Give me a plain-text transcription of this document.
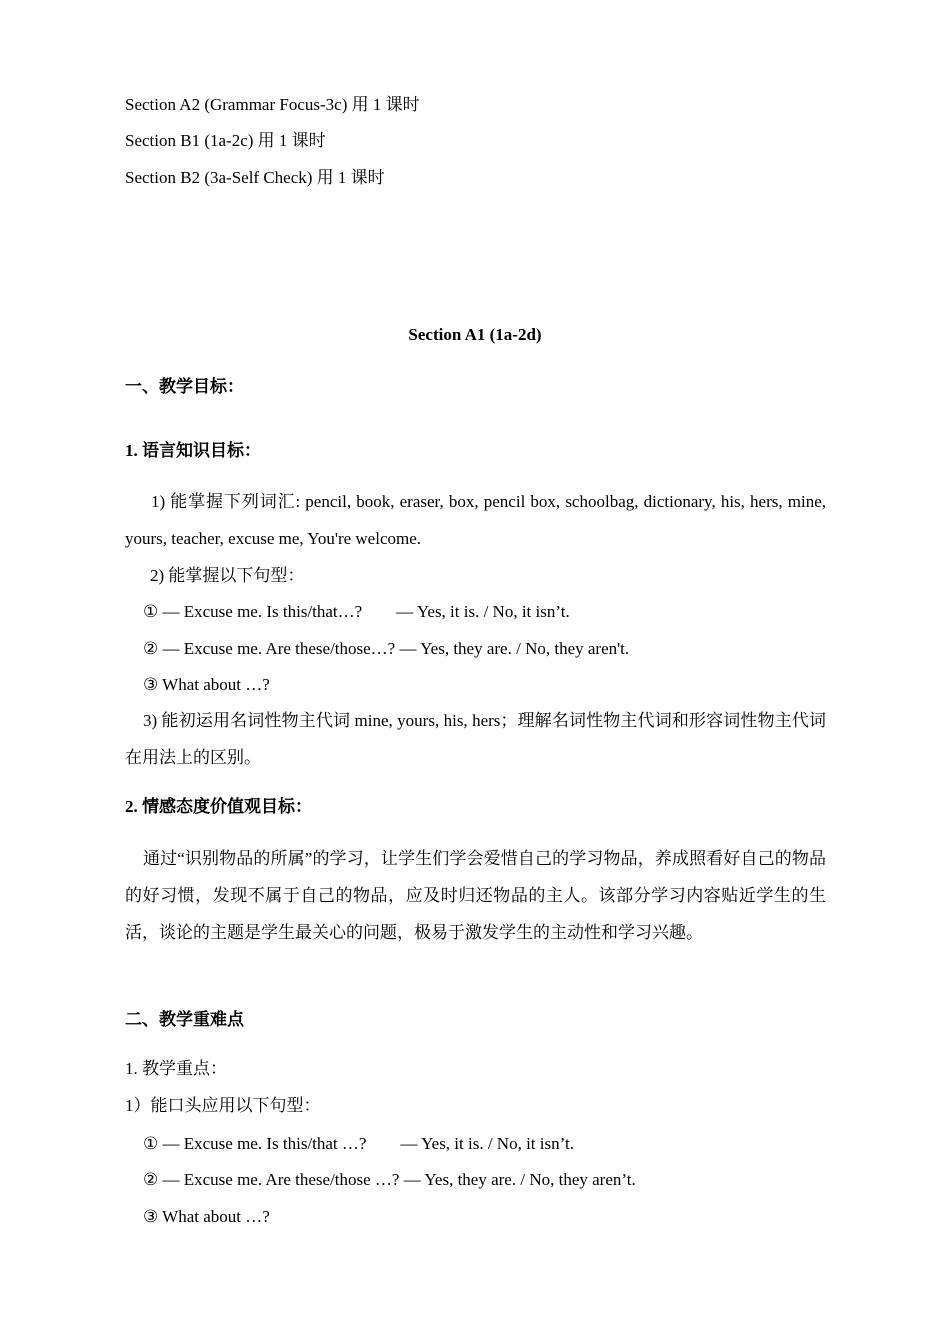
Section A2 (Grammar Focus-3c) 用 1 课时
Section B1 (1a-2c) 用 1 课时
Section B2 (3a-Self Check) 用 1 课时
Section A1 (1a-2d)
一、教学目标：
1. 语言知识目标：
1) 能掌握下列词汇: pencil, book, eraser, box, pencil box, schoolbag, dictionary, his, hers, mine, yours, teacher, excuse me, You're welcome.
2) 能掌握以下句型：
① — Excuse me. Is this/that…?　　— Yes, it is. / No, it isn’t.
② — Excuse me. Are these/those…? — Yes, they are. / No, they aren't.
③ What about …?
3) 能初运用名词性物主代词 mine, yours, his, hers；理解名词性物主代词和形容词性物主代词在用法上的区别。
2. 情感态度价值观目标：
通过“识别物品的所属”的学习，让学生们学会爱惜自己的学习物品，养成照看好自己的物品的好习惯，发现不属于自己的物品，应及时归还物品的主人。该部分学习内容贴近学生的生活，谈论的主题是学生最关心的问题，极易于激发学生的主动性和学习兴趣。
二、教学重难点
1. 教学重点：
1）能口头应用以下句型：
① — Excuse me. Is this/that …?　　— Yes, it is. / No, it isn’t.
② — Excuse me. Are these/those …? — Yes, they are. / No, they aren’t.
③ What about …?
